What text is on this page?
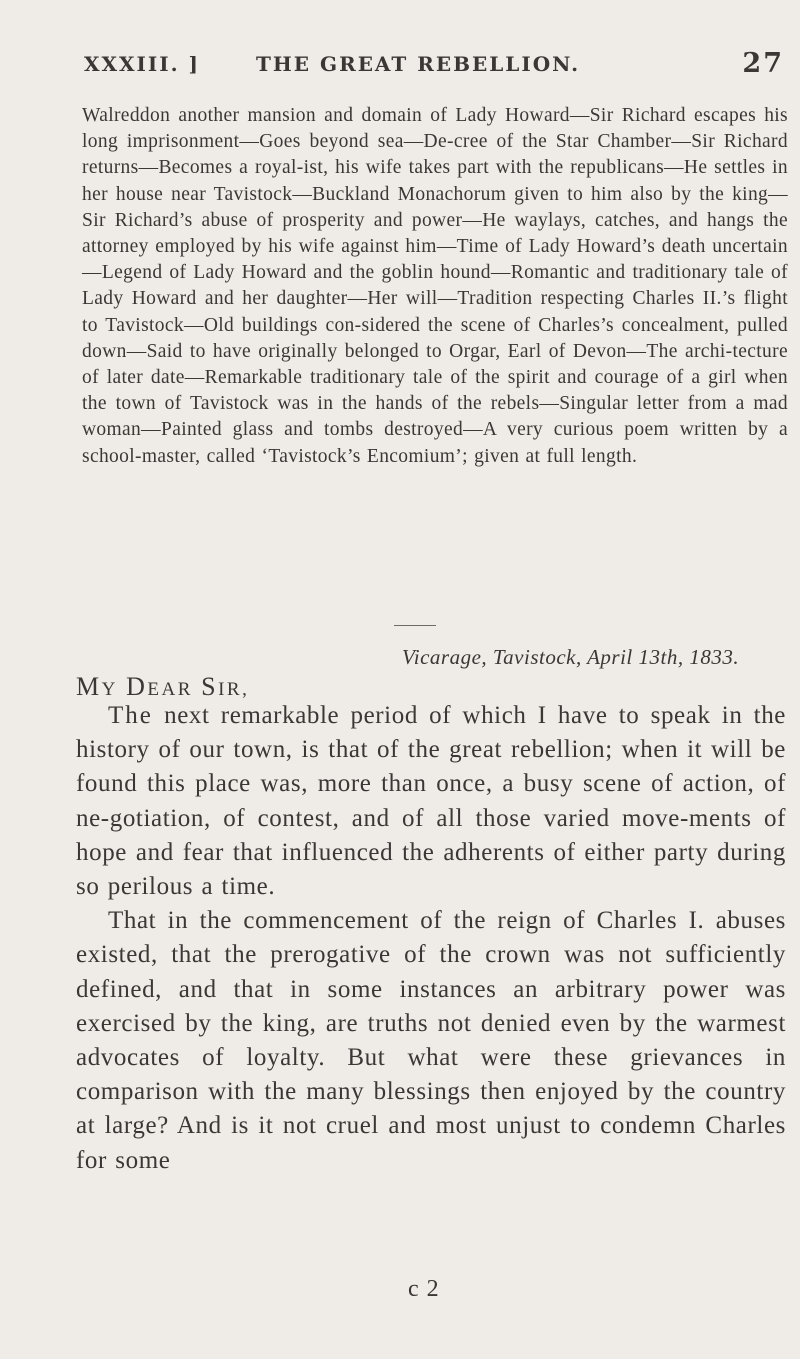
XXXIII. ]	THE GREAT REBELLION.	27
Walreddon another mansion and domain of Lady Howard—Sir Richard escapes his long imprisonment—Goes beyond sea—De-cree of the Star Chamber—Sir Richard returns—Becomes a royal-ist, his wife takes part with the republicans—He settles in her house near Tavistock—Buckland Monachorum given to him also by the king—Sir Richard’s abuse of prosperity and power—He waylays, catches, and hangs the attorney employed by his wife against him—Time of Lady Howard’s death uncertain—Legend of Lady Howard and the goblin hound—Romantic and traditionary tale of Lady Howard and her daughter—Her will—Tradition respecting Charles II.’s flight to Tavistock—Old buildings con-sidered the scene of Charles’s concealment, pulled down—Said to have originally belonged to Orgar, Earl of Devon—The archi-tecture of later date—Remarkable traditionary tale of the spirit and courage of a girl when the town of Tavistock was in the hands of the rebels—Singular letter from a mad woman—Painted glass and tombs destroyed—A very curious poem written by a school-master, called ‘Tavistock’s Encomium’; given at full length.
Vicarage, Tavistock, April 13th, 1833.
MY DEAR SIR,

The next remarkable period of which I have to speak in the history of our town, is that of the great rebellion; when it will be found this place was, more than once, a busy scene of action, of ne-gotiation, of contest, and of all those varied move-ments of hope and fear that influenced the adherents of either party during so perilous a time.

That in the commencement of the reign of Charles I. abuses existed, that the prerogative of the crown was not sufficiently defined, and that in some instances an arbitrary power was exercised by the king, are truths not denied even by the warmest advocates of loyalty. But what were these grievances in comparison with the many blessings then enjoyed by the country at large? And is it not cruel and most unjust to condemn Charles for some

c 2
